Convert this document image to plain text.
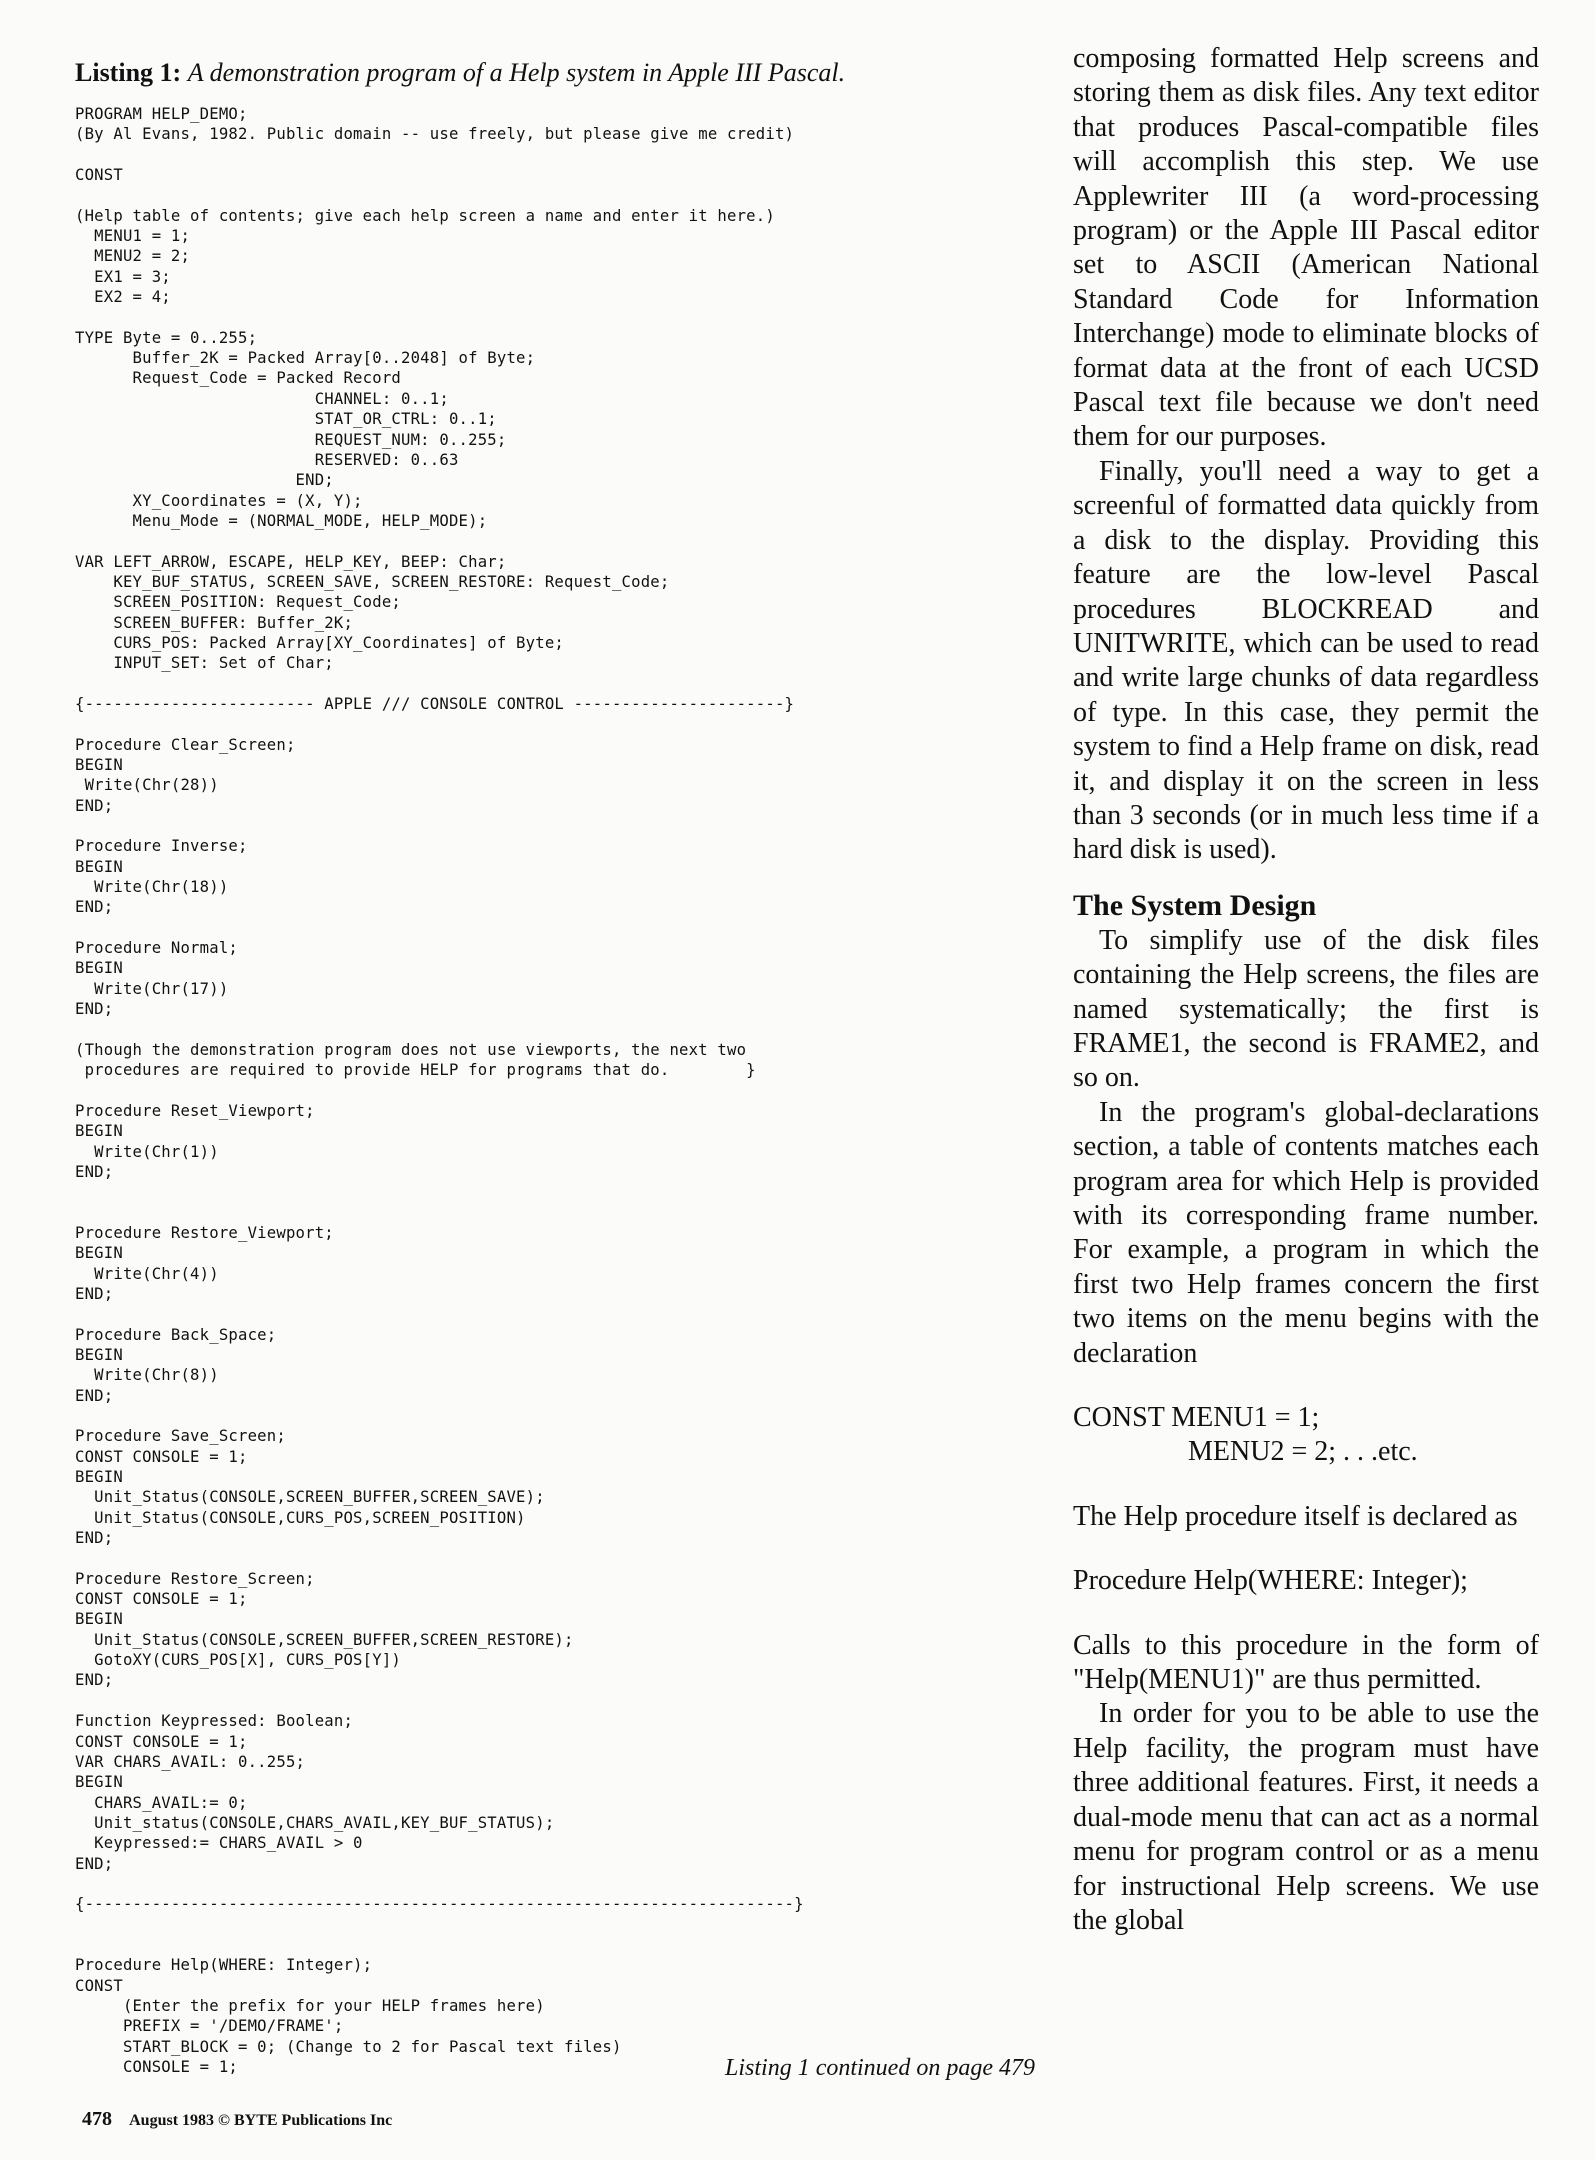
Listing 1: A demonstration program of a Help system in Apple III Pascal.
PROGRAM HELP_DEMO;
(By Al Evans, 1982. Public domain -- use freely, but please give me credit)

CONST

(Help table of contents; give each help screen a name and enter it here.)
MENU1 = 1;
MENU2 = 2;
EX1 = 3;
EX2 = 4;

TYPE Byte = 0..255;
Buffer_2K = Packed Array[0..2048] of Byte;
Request_Code = Packed Record
CHANNEL: 0..1;
STAT_OR_CTRL: 0..1;
REQUEST_NUM: 0..255;
RESERVED: 0..63
END;
XY_Coordinates = (X, Y);
Menu_Mode = (NORMAL_MODE, HELP_MODE);

VAR LEFT_ARROW, ESCAPE, HELP_KEY, BEEP: Char;
KEY_BUF_STATUS, SCREEN_SAVE, SCREEN_RESTORE: Request_Code;
SCREEN_POSITION: Request_Code;
SCREEN_BUFFER: Buffer_2K;
CURS_POS: Packed Array[XY_Coordinates] of Byte;
INPUT_SET: Set of Char;

{------------------------ APPLE /// CONSOLE CONTROL ----------------------}

Procedure Clear_Screen;
BEGIN
Write(Chr(28))
END;

Procedure Inverse;
BEGIN
Write(Chr(18))
END;

Procedure Normal;
BEGIN
Write(Chr(17))
END;

(Though the demonstration program does not use viewports, the next two
procedures are required to provide HELP for programs that do.        }

Procedure Reset_Viewport;
BEGIN
Write(Chr(1))
END;

Procedure Restore_Viewport;
BEGIN
Write(Chr(4))
END;

Procedure Back_Space;
BEGIN
Write(Chr(8))
END;

Procedure Save_Screen;
CONST CONSOLE = 1;
BEGIN
Unit_Status(CONSOLE,SCREEN_BUFFER,SCREEN_SAVE);
Unit_Status(CONSOLE,CURS_POS,SCREEN_POSITION)
END;

Procedure Restore_Screen;
CONST CONSOLE = 1;
BEGIN
Unit_Status(CONSOLE,SCREEN_BUFFER,SCREEN_RESTORE);
GotoXY(CURS_POS[X], CURS_POS[Y])
END;

Function Keypressed: Boolean;
CONST CONSOLE = 1;
VAR CHARS_AVAIL: 0..255;
BEGIN
CHARS_AVAIL:= 0;
Unit_status(CONSOLE,CHARS_AVAIL,KEY_BUF_STATUS);
Keypressed:= CHARS_AVAIL > 0
END;

{--------------------------------------------------------------------------}

Procedure Help(WHERE: Integer);
CONST
(Enter the prefix for your HELP frames here)
PREFIX = '/DEMO/FRAME';
START_BLOCK = 0; (Change to 2 for Pascal text files)
CONSOLE = 1;	Listing 1 continued on page 479
478 August 1983 © BYTE Publications Inc

composing formatted Help screens and storing them as disk files. Any text editor that produces Pascal-compatible files will accomplish this step. We use Applewriter III (a word-processing program) or the Apple III Pascal editor set to ASCII (American National Standard Code for Information Interchange) mode to eliminate blocks of format data at the front of each UCSD Pascal text file because we don't need them for our purposes.

Finally, you'll need a way to get a screenful of formatted data quickly from a disk to the display. Providing this feature are the low-level Pascal procedures BLOCKREAD and UNITWRITE, which can be used to read and write large chunks of data regardless of type. In this case, they permit the system to find a Help frame on disk, read it, and display it on the screen in less than 3 seconds (or in much less time if a hard disk is used).

The System Design

To simplify use of the disk files containing the Help screens, the files are named systematically; the first is FRAME1, the second is FRAME2, and so on.

In the program's global-declarations section, a table of contents matches each program area for which Help is provided with its corresponding frame number. For example, a program in which the first two Help frames concern the first two items on the menu begins with the declaration

CONST MENU1 = 1;
MENU2 = 2; . . .etc.

The Help procedure itself is declared as

Procedure Help(WHERE: Integer);

Calls to this procedure in the form of "Help(MENU1)" are thus permitted.

In order for you to be able to use the Help facility, the program must have three additional features. First, it needs a dual-mode menu that can act as a normal menu for program control or as a menu for instructional Help screens. We use the global
